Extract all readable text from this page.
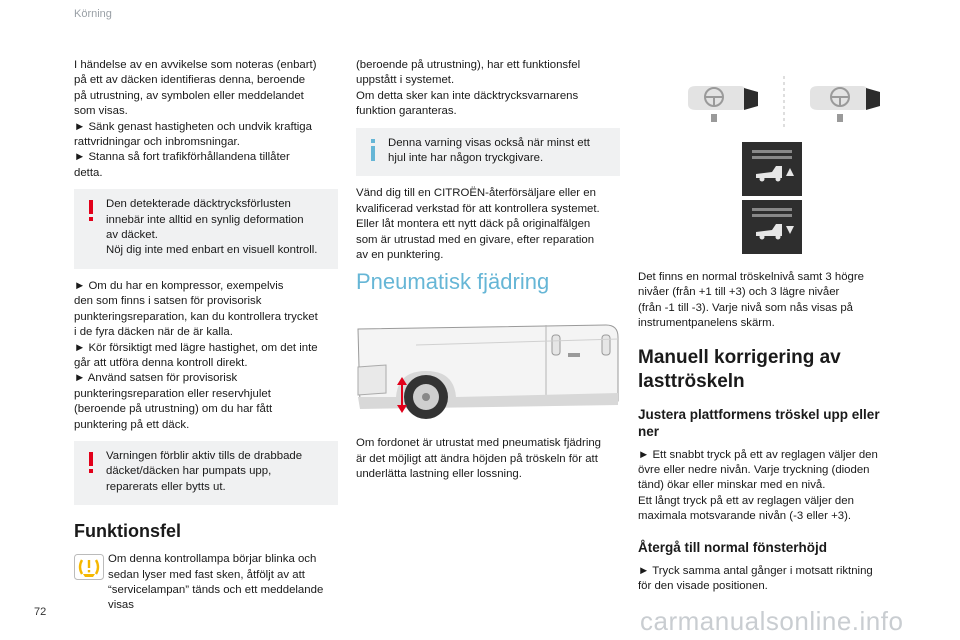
Körning

I händelse av en avvikelse som noteras (enbart)
på ett av däcken identifieras denna, beroende
på utrustning, av symbolen eller meddelandet
som visas.
► Sänk genast hastigheten och undvik kraftiga
rattvridningar och inbromsningar.
► Stanna så fort trafikförhållandena tillåter
detta.

Den detekterade däcktrycksförlusten
innebär inte alltid en synlig deformation
av däcket.
Nöj dig inte med enbart en visuell kontroll.

► Om du har en kompressor, exempelvis
den som finns i satsen för provisorisk
punkteringsreparation, kan du kontrollera trycket
i de fyra däcken när de är kalla.
► Kör försiktigt med lägre hastighet, om det inte
går att utföra denna kontroll direkt.
► Använd satsen för provisorisk
punkteringsreparation eller reservhjulet
(beroende på utrustning) om du har fått
punktering på ett däck.

Varningen förblir aktiv tills de drabbade
däcket/däcken har pumpats upp,
reparerats eller bytts ut.
Funktionsfel

Om denna kontrollampa börjar blinka och
sedan lyser med fast sken, åtföljt av att
“servicelampan” tänds och ett meddelande visas

(beroende på utrustning), har ett funktionsfel
uppstått i systemet.
Om detta sker kan inte däcktrycksvarnarens
funktion garanteras.

Denna varning visas också när minst ett
hjul inte har någon tryckgivare.

Vänd dig till en CITROËN-återförsäljare eller en
kvalificerad verkstad för att kontrollera systemet.
Eller låt montera ett nytt däck på originalfälgen
som är utrustad med en givare, efter reparation
av en punktering.

Pneumatisk fjädring

Om fordonet är utrustat med pneumatisk fjädring
är det möjligt att ändra höjden på tröskeln för att
underlätta lastning eller lossning.

Det finns en normal tröskelnivå samt 3 högre
nivåer (från +1 till +3) och 3 lägre nivåer
(från -1 till -3). Varje nivå som nås visas på
instrumentpanelens skärm.

Manuell korrigering av
lasttröskeln
Justera plattformens tröskel upp eller ner

► Ett snabbt tryck på ett av reglagen väljer den
övre eller nedre nivån. Varje tryckning (dioden
tänd) ökar eller minskar med en nivå.
Ett långt tryck på ett av reglagen väljer den
maximala motsvarande nivån (-3 eller +3).

Återgå till normal fönsterhöjd

► Tryck samma antal gånger i motsatt riktning
för den visade positionen.

72	carmanualsonline.info
